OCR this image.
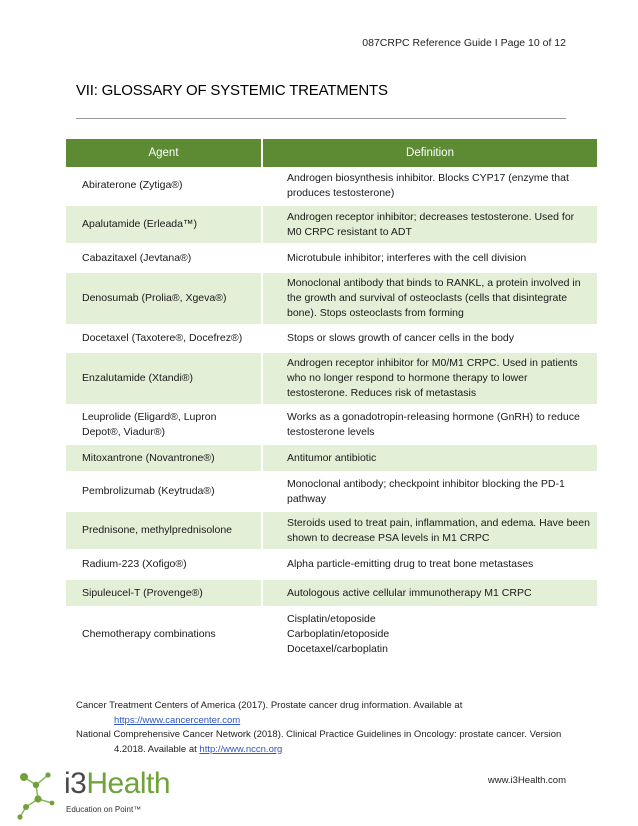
087CRPC Reference Guide I Page 10 of 12
VII: GLOSSARY OF SYSTEMIC TREATMENTS
Agent	Definition
Abiraterone (Zytiga®)	Androgen biosynthesis inhibitor. Blocks CYP17 (enzyme that produces testosterone)
Apalutamide (Erleada™)	Androgen receptor inhibitor; decreases testosterone. Used for M0 CRPC resistant to ADT
Cabazitaxel (Jevtana®)	Microtubule inhibitor; interferes with the cell division
Denosumab (Prolia®, Xgeva®)	Monoclonal antibody that binds to RANKL, a protein involved in the growth and survival of osteoclasts (cells that disintegrate bone). Stops osteoclasts from forming
Docetaxel (Taxotere®, Docefrez®)	Stops or slows growth of cancer cells in the body
Enzalutamide (Xtandi®)	Androgen receptor inhibitor for M0/M1 CRPC. Used in patients who no longer respond to hormone therapy to lower testosterone. Reduces risk of metastasis
Leuprolide (Eligard®, Lupron Depot®, Viadur®)	Works as a gonadotropin-releasing hormone (GnRH) to reduce testosterone levels
Mitoxantrone (Novantrone®)	Antitumor antibiotic
Pembrolizumab (Keytruda®)	Monoclonal antibody; checkpoint inhibitor blocking the PD-1 pathway
Prednisone, methylprednisolone	Steroids used to treat pain, inflammation, and edema. Have been shown to decrease PSA levels in M1 CRPC
Radium-223 (Xofigo®)	Alpha particle-emitting drug to treat bone metastases
Sipuleucel-T (Provenge®)	Autologous active cellular immunotherapy M1 CRPC
Chemotherapy combinations	Cisplatin/etoposide
Carboplatin/etoposide
Docetaxel/carboplatin
Cancer Treatment Centers of America (2017). Prostate cancer drug information. Available at
https://www.cancercenter.com
National Comprehensive Cancer Network (2018). Clinical Practice Guidelines in Oncology: prostate cancer. Version
4.2018. Available at http://www.nccn.org
www.i3Health.com
i3Health
Education on Point™
